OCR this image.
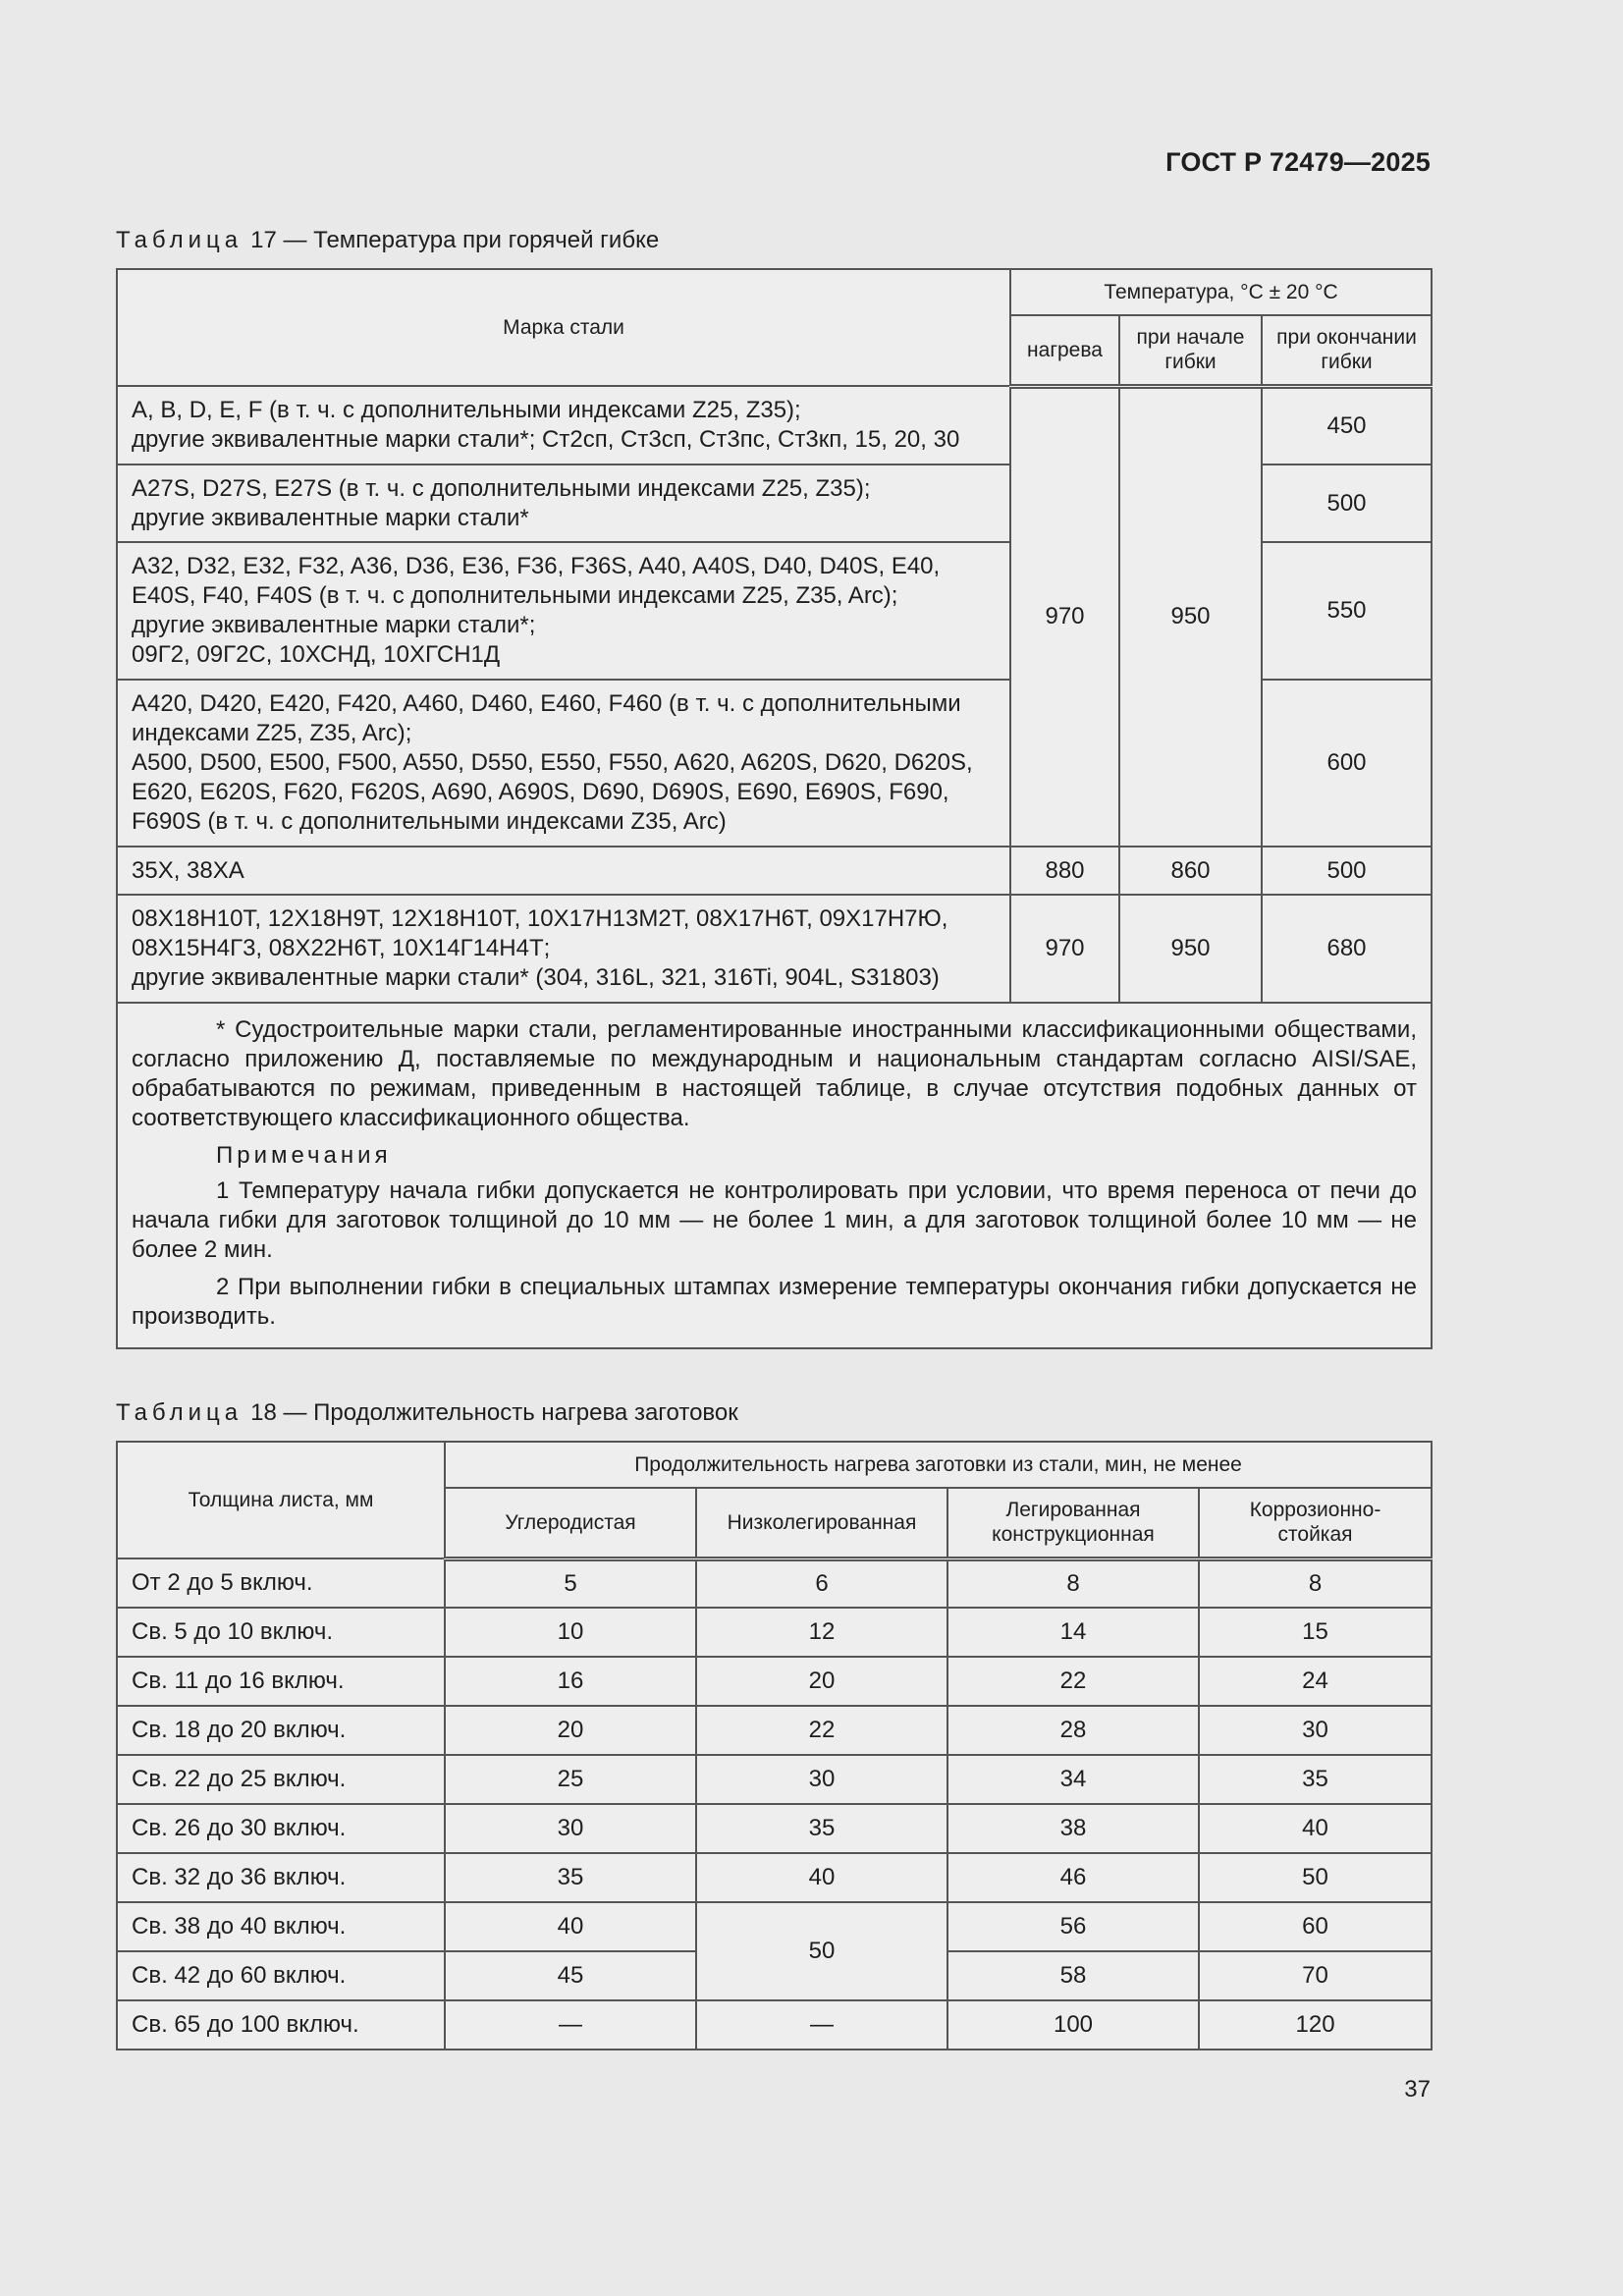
ГОСТ Р 72479—2025
Таблица 17 — Температура при горячей гибке
Марка стали	Температура, °С ± 20 °С		
	нагрева	при начале гибки	при окончании гибки
A, B, D, E, F (в т. ч. с дополнительными индексами Z25, Z35);
другие эквивалентные марки стали*; Ст2сп, Ст3сп, Ст3пс, Ст3кп, 15, 20, 30	970	950	450
A27S, D27S, E27S (в т. ч. с дополнительными индексами Z25, Z35);
другие эквивалентные марки стали*			500
A32, D32, E32, F32, A36, D36, E36, F36, F36S, A40, A40S, D40, D40S, E40, E40S, F40, F40S (в т. ч. с дополнительными индексами Z25, Z35, Arc);
другие эквивалентные марки стали*;
09Г2, 09Г2С, 10ХСНД, 10ХГСН1Д			550
A420, D420, E420, F420, A460, D460, E460, F460 (в т. ч. с дополнительными индексами Z25, Z35, Arc);
A500, D500, E500, F500, A550, D550, E550, F550, A620, A620S, D620, D620S, E620, E620S, F620, F620S, A690, A690S, D690, D690S, E690, E690S, F690, F690S (в т. ч. с дополнительными индексами Z35, Arc)			600
35Х, 38ХА	880	860	500
08Х18Н10Т, 12Х18Н9Т, 12Х18Н10Т, 10Х17Н13М2Т, 08Х17Н6Т, 09Х17Н7Ю, 08Х15Н4Г3, 08Х22Н6Т, 10Х14Г14Н4Т;
другие эквивалентные марки стали* (304, 316L, 321, 316Ti, 904L, S31803)	970	950	680

* Судостроительные марки стали, регламентированные иностранными классификационными обществами, согласно приложению Д, поставляемые по международным и национальным стандартам согласно AISI/SAE, обрабатываются по режимам, приведенным в настоящей таблице, в случае отсутствия подобных данных от соответствующего классификационного общества.

Примечания

1 Температуру начала гибки допускается не контролировать при условии, что время переноса от печи до начала гибки для заготовок толщиной до 10 мм — не более 1 мин, а для заготовок толщиной более 10 мм — не более 2 мин.

2 При выполнении гибки в специальных штампах измерение температуры окончания гибки допускается не производить.			

Таблица 18 — Продолжительность нагрева заготовок
Толщина листа, мм	Продолжительность нагрева заготовки из стали, мин, не менее			
	Углеродистая	Низколегированная	Легированная конструкционная	Коррозионно-стойкая
От 2 до 5 включ.	5	6	8	8
Св. 5 до 10 включ.	10	12	14	15
Св. 11 до 16 включ.	16	20	22	24
Св. 18 до 20 включ.	20	22	28	30
Св. 22 до 25 включ.	25	30	34	35
Св. 26 до 30 включ.	30	35	38	40
Св. 32 до 36 включ.	35	40	46	50
Св. 38 до 40 включ.	40	50	56	60
Св. 42 до 60 включ.	45		58	70
Св. 65 до 100 включ.	—	—	100	120
37
